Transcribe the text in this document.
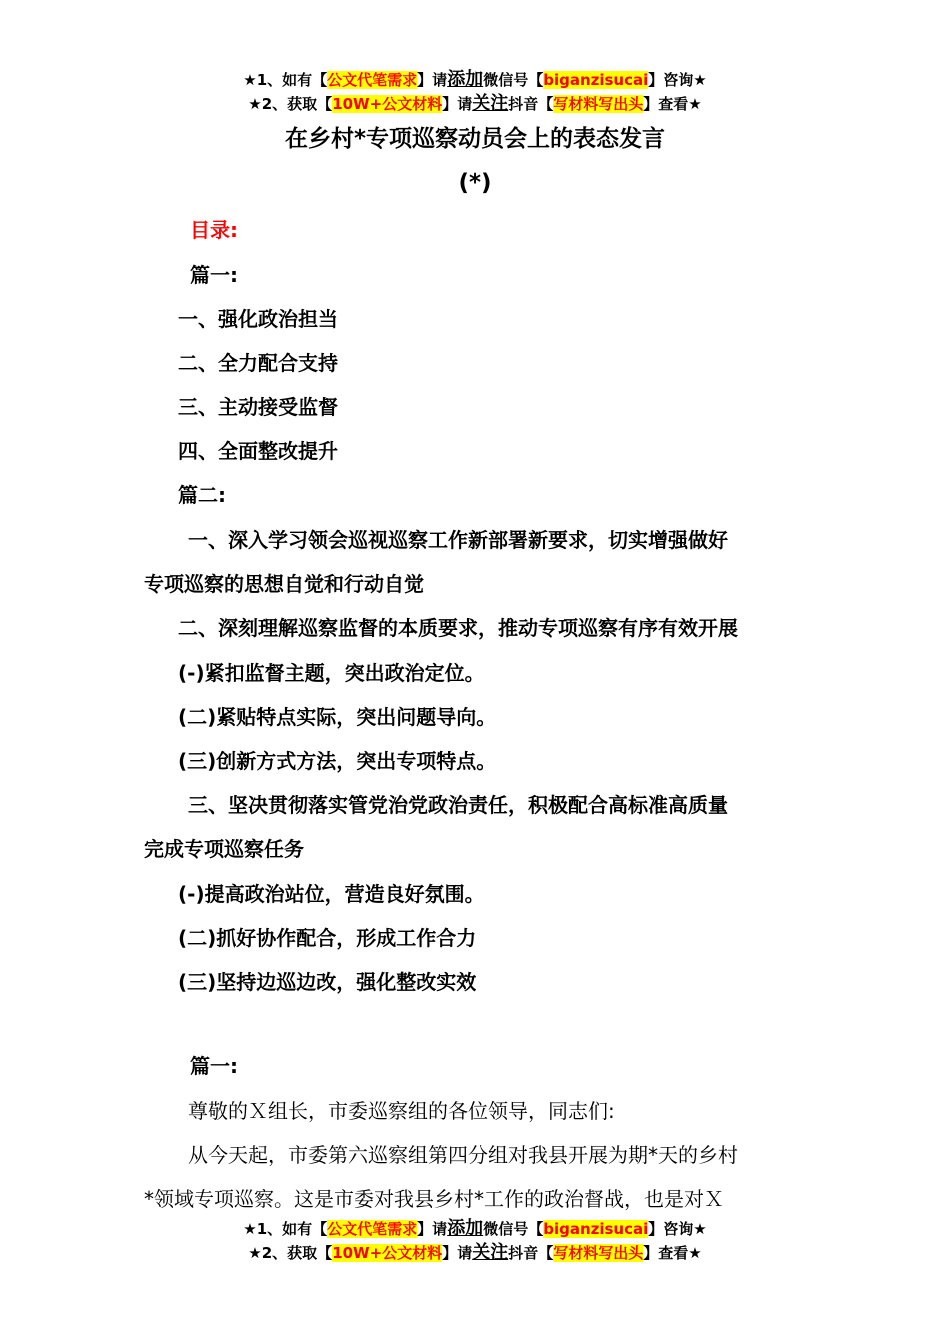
★1、如有【公文代笔需求】请添加微信号【biganzisucai】咨询★
★2、获取【10W+公文材料】请关注抖音【写材料写出头】查看★
在乡村*专项巡察动员会上的表态发言
(*)
目录:
篇一:
一、强化政治担当
二、全力配合支持
三、主动接受监督
四、全面整改提升
篇二:
一、深入学习领会巡视巡察工作新部署新要求，切实增强做好
专项巡察的思想自觉和行动自觉
二、深刻理解巡察监督的本质要求，推动专项巡察有序有效开展
(-)紧扣监督主题，突出政治定位。
(二)紧贴特点实际，突出问题导向。
(三)创新方式方法，突出专项特点。
三、坚决贯彻落实管党治党政治责任，积极配合高标准高质量
完成专项巡察任务
(-)提高政治站位，营造良好氛围。
(二)抓好协作配合，形成工作合力
(三)坚持边巡边改，强化整改实效
篇一:
尊敬的Ｘ组长，市委巡察组的各位领导，同志们:
从今天起，市委第六巡察组第四分组对我县开展为期*天的乡村
*领域专项巡察。这是市委对我县乡村*工作的政治督战，也是对Ｘ
★1、如有【公文代笔需求】请添加微信号【biganzisucai】咨询★
★2、获取【10W+公文材料】请关注抖音【写材料写出头】查看★
